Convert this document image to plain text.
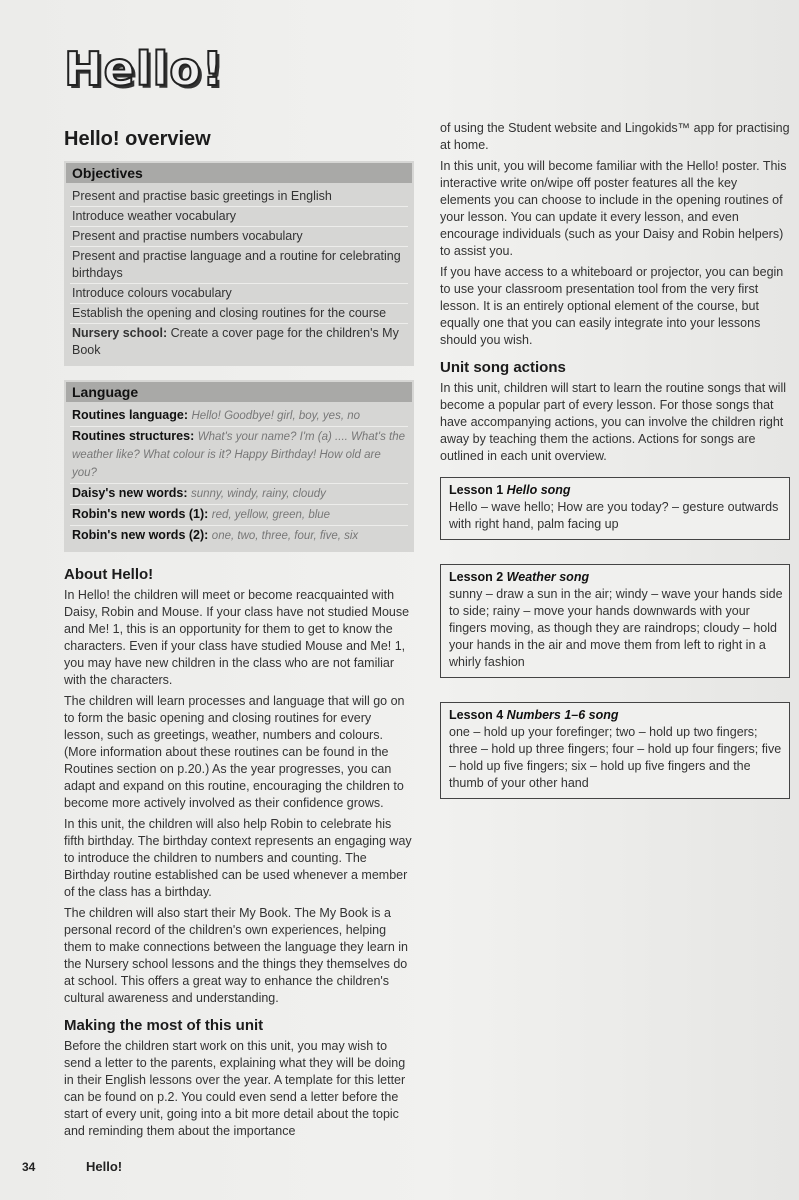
Hello!
Hello! overview
Objectives
Present and practise basic greetings in English
Introduce weather vocabulary
Present and practise numbers vocabulary
Present and practise language and a routine for celebrating birthdays
Introduce colours vocabulary
Establish the opening and closing routines for the course
Nursery school: Create a cover page for the children's My Book
Language
Routines language: Hello! Goodbye! girl, boy, yes, no
Routines structures: What's your name? I'm (a) .... What's the weather like? What colour is it? Happy Birthday! How old are you?
Daisy's new words: sunny, windy, rainy, cloudy
Robin's new words (1): red, yellow, green, blue
Robin's new words (2): one, two, three, four, five, six
About Hello!

In Hello! the children will meet or become reacquainted with Daisy, Robin and Mouse. If your class have not studied Mouse and Me! 1, this is an opportunity for them to get to know the characters. Even if your class have studied Mouse and Me! 1, you may have new children in the class who are not familiar with the characters.

The children will learn processes and language that will go on to form the basic opening and closing routines for every lesson, such as greetings, weather, numbers and colours. (More information about these routines can be found in the Routines section on p.20.) As the year progresses, you can adapt and expand on this routine, encouraging the children to become more actively involved as their confidence grows.

In this unit, the children will also help Robin to celebrate his fifth birthday. The birthday context represents an engaging way to introduce the children to numbers and counting. The Birthday routine established can be used whenever a member of the class has a birthday.

The children will also start their My Book. The My Book is a personal record of the children's own experiences, helping them to make connections between the language they learn in the Nursery school lessons and the things they themselves do at school. This offers a great way to enhance the children's cultural awareness and understanding.

Making the most of this unit

Before the children start work on this unit, you may wish to send a letter to the parents, explaining what they will be doing in their English lessons over the year. A template for this letter can be found on p.2. You could even send a letter before the start of every unit, going into a bit more detail about the topic and reminding them about the importance

of using the Student website and Lingokids™ app for practising at home.

In this unit, you will become familiar with the Hello! poster. This interactive write on/wipe off poster features all the key elements you can choose to include in the opening routines of your lesson. You can update it every lesson, and even encourage individuals (such as your Daisy and Robin helpers) to assist you.

If you have access to a whiteboard or projector, you can begin to use your classroom presentation tool from the very first lesson. It is an entirely optional element of the course, but equally one that you can easily integrate into your lessons should you wish.

Unit song actions

In this unit, children will start to learn the routine songs that will become a popular part of every lesson. For those songs that have accompanying actions, you can involve the children right away by teaching them the actions. Actions for songs are outlined in each unit overview.

Lesson 1 Hello song
Hello – wave hello; How are you today? – gesture outwards with right hand, palm facing up
Lesson 2 Weather song
sunny – draw a sun in the air; windy – wave your hands side to side; rainy – move your hands downwards with your fingers moving, as though they are raindrops; cloudy – hold your hands in the air and move them from left to right in a whirly fashion
Lesson 4 Numbers 1–6 song
one – hold up your forefinger; two – hold up two fingers; three – hold up three fingers; four – hold up four fingers; five – hold up five fingers; six – hold up five fingers and the thumb of your other hand
34	Hello!
